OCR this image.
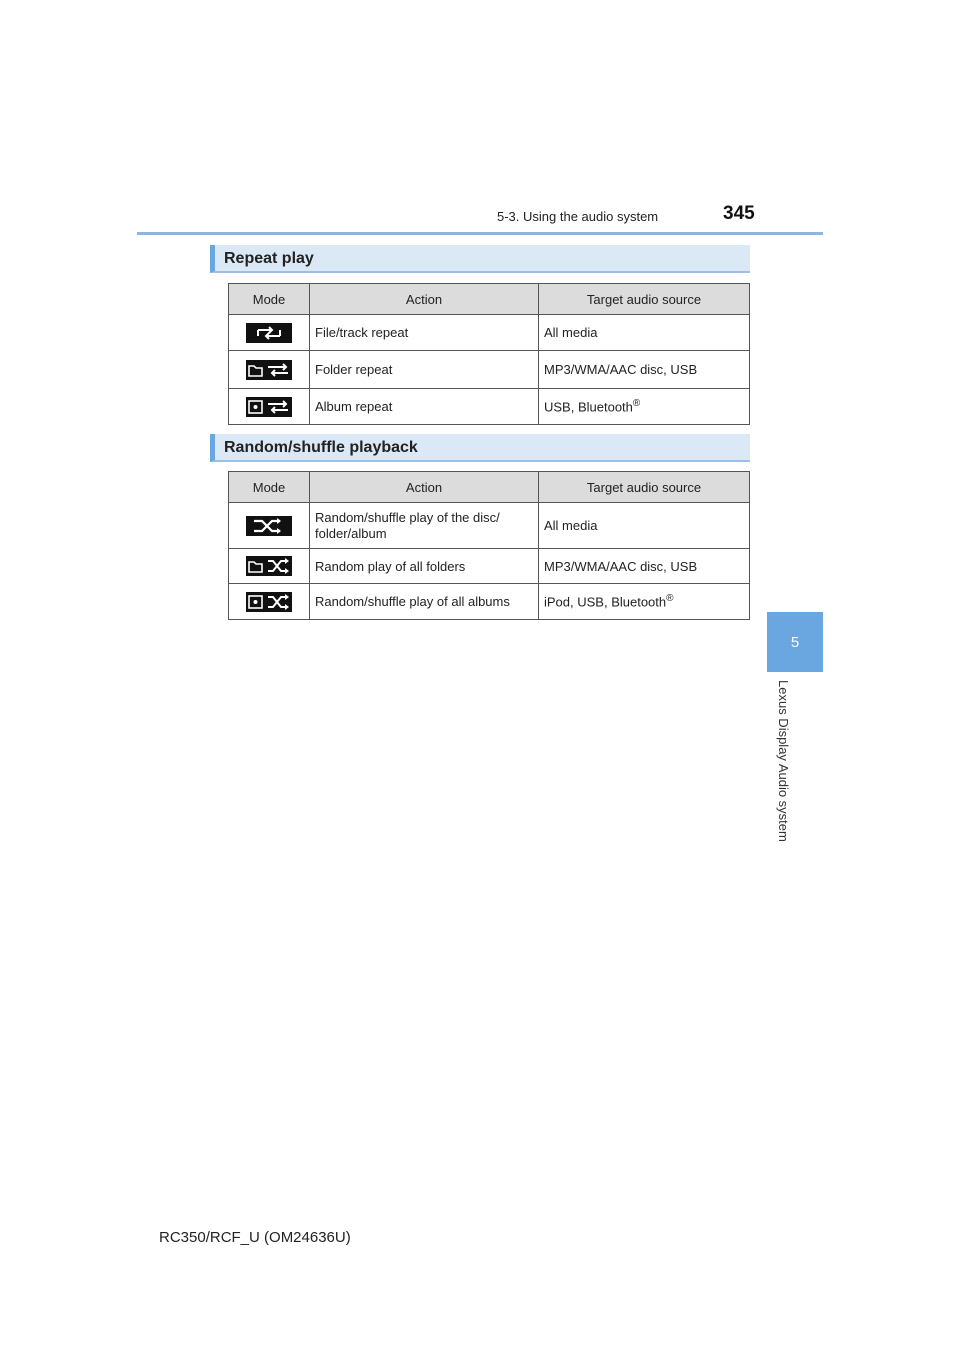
5-3. Using the audio system	345
5
Lexus Display Audio system
Repeat play
Mode	Action	Target audio source

	File/track repeat	All media

	Folder repeat	MP3/WMA/AAC disc, USB

	Album repeat	USB, Bluetooth®
Random/shuffle playback
Mode	Action	Target audio source

	Random/shuffle play of the disc/ folder/album	All media

	Random play of all folders	MP3/WMA/AAC disc, USB

	Random/shuffle play of all albums	iPod, USB, Bluetooth®
RC350/RCF_U (OM24636U)
